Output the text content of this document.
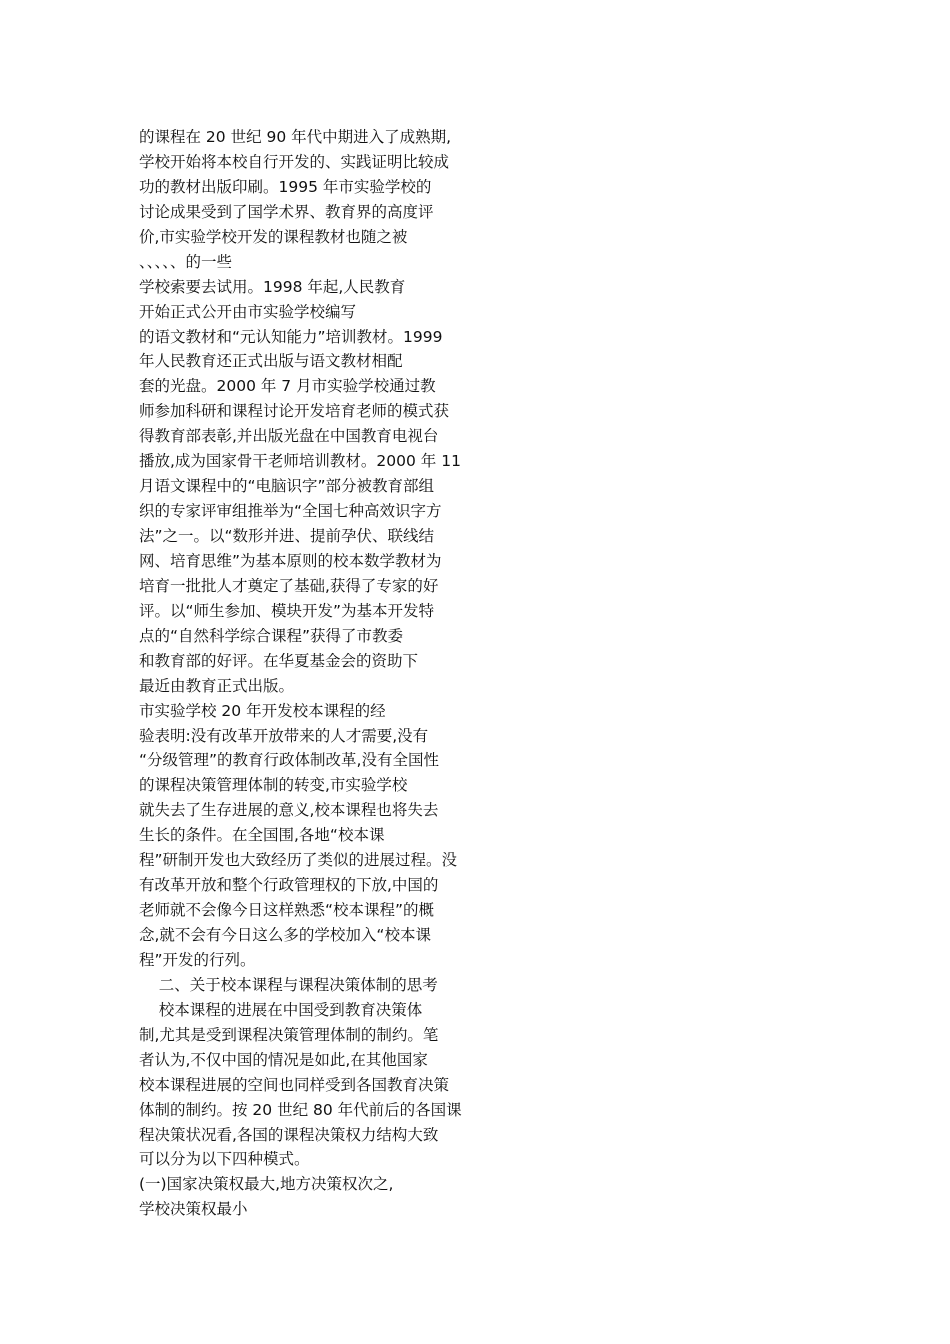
的课程在 20 世纪 90 年代中期进入了成熟期,
学校开始将本校自行开发的、实践证明比较成
功的教材出版印刷。1995 年市实验学校的
讨论成果受到了国学术界、教育界的高度评
价,市实验学校开发的课程教材也随之被
、、、、、的一些
学校索要去试用。1998 年起,人民教育
开始正式公开由市实验学校编写
的语文教材和“元认知能力”培训教材。1999
年人民教育还正式出版与语文教材相配
套的光盘。2000 年 7 月市实验学校通过教
师参加科研和课程讨论开发培育老师的模式获
得教育部表彰,并出版光盘在中国教育电视台
播放,成为国家骨干老师培训教材。2000 年 11
月语文课程中的“电脑识字”部分被教育部组
织的专家评审组推举为“全国七种高效识字方
法”之一。以“数形并进、提前孕伏、联线结
网、培育思维”为基本原则的校本数学教材为
培育一批批人才奠定了基础,获得了专家的好
评。以“师生参加、模块开发”为基本开发特
点的“自然科学综合课程”获得了市教委
和教育部的好评。在华夏基金会的资助下
最近由教育正式出版。
市实验学校 20 年开发校本课程的经
验表明:没有改革开放带来的人才需要,没有
“分级管理”的教育行政体制改革,没有全国性
的课程决策管理体制的转变,市实验学校
就失去了生存进展的意义,校本课程也将失去
生长的条件。在全国围,各地“校本课
程”研制开发也大致经历了类似的进展过程。没
有改革开放和整个行政管理权的下放,中国的
老师就不会像今日这样熟悉“校本课程”的概
念,就不会有今日这么多的学校加入“校本课
程”开发的行列。
二、关于校本课程与课程决策体制的思考
校本课程的进展在中国受到教育决策体
制,尤其是受到课程决策管理体制的制约。笔
者认为,不仅中国的情况是如此,在其他国家
校本课程进展的空间也同样受到各国教育决策
体制的制约。按 20 世纪 80 年代前后的各国课
程决策状况看,各国的课程决策权力结构大致
可以分为以下四种模式。
(一)国家决策权最大,地方决策权次之,
学校决策权最小
